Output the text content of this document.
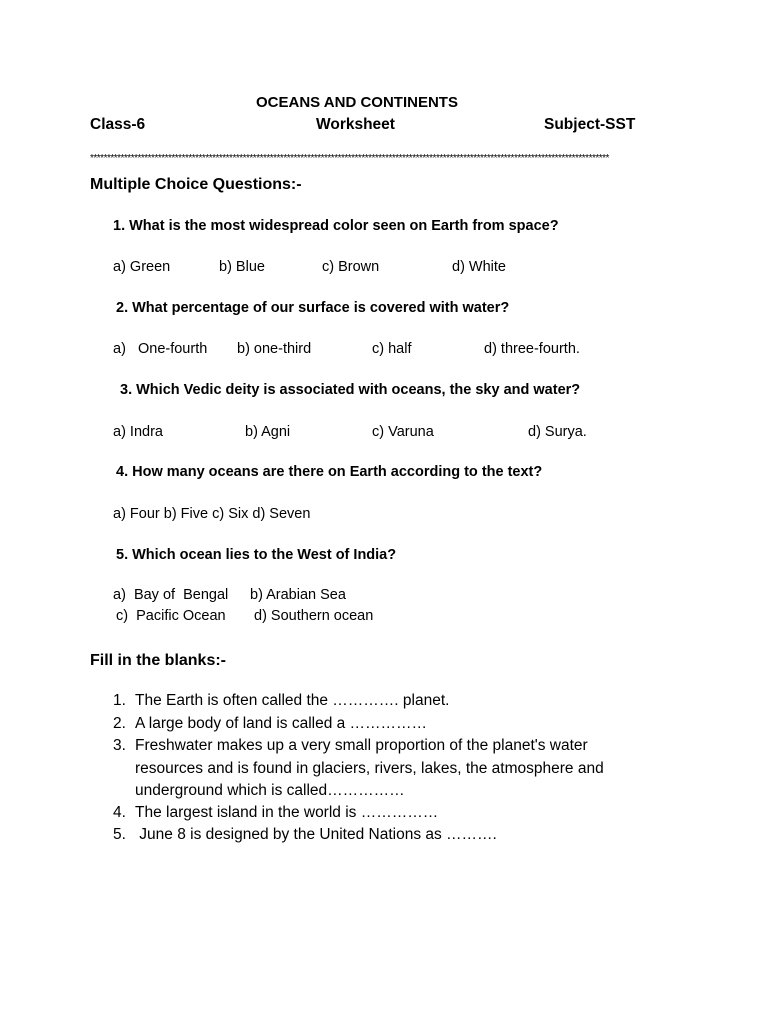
OCEANS AND CONTINENTS
Class-6	Worksheet	Subject-SST
*********************************************************************************************************************************************************
Multiple Choice Questions:-
1. What is the most widespread color seen on Earth from space?
a) Green	b) Blue	c) Brown	d) White
2. What percentage of our surface is covered with water?
a)   One-fourth b) one-third	c) half	d) three-fourth.
3. Which Vedic deity is associated with oceans, the sky and water?
a) Indra	b) Agni	c) Varuna	d) Surya.
4. How many oceans are there on Earth according to the text?
a) Four b) Five c) Six d) Seven
5. Which ocean lies to the West of India?
a)  Bay of  Bengal b) Arabian Sea
c)  Pacific Ocean d) Southern ocean
Fill in the blanks:-
1. The Earth is often called the …………. planet.
2. A large body of land is called a ……………
3. Freshwater makes up a very small proportion of the planet's water
resources and is found in glaciers, rivers, lakes, the atmosphere and
underground which is called……………
4. The largest island in the world is ……………
5. June 8 is designed by the United Nations as ……….
